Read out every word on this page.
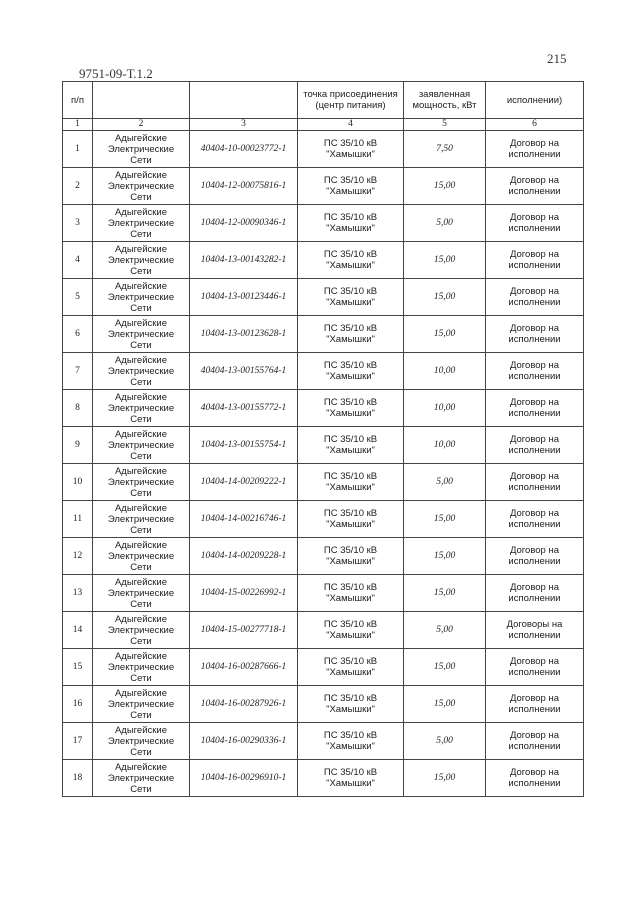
215
9751-09-Т.1.2
п/п			точка присоединения (центр питания)	заявленная мощность, кВт	исполнении)
1	2	3	4	5	6
1	Адыгейские
Электрические
Сети	40404-10-00023772-1	ПС 35/10 кВ
"Хамышки"	7,50	Договор на
исполнении

2	Адыгейские
Электрические
Сети	10404-12-00075816-1	ПС 35/10 кВ
"Хамышки"	15,00	Договор на
исполнении

3	Адыгейские
Электрические
Сети	10404-12-00090346-1	ПС 35/10 кВ
"Хамышки"	5,00	Договор на
исполнении

4	Адыгейские
Электрические
Сети	10404-13-00143282-1	ПС 35/10 кВ
"Хамышки"	15,00	Договор на
исполнении

5	Адыгейские
Электрические
Сети	10404-13-00123446-1	ПС 35/10 кВ
"Хамышки"	15,00	Договор на
исполнении

6	Адыгейские
Электрические
Сети	10404-13-00123628-1	ПС 35/10 кВ
"Хамышки"	15,00	Договор на
исполнении

7	Адыгейские
Электрические
Сети	40404-13-00155764-1	ПС 35/10 кВ
"Хамышки"	10,00	Договор на
исполнении

8	Адыгейские
Электрические
Сети	40404-13-00155772-1	ПС 35/10 кВ
"Хамышки"	10,00	Договор на
исполнении

9	Адыгейские
Электрические
Сети	10404-13-00155754-1	ПС 35/10 кВ
"Хамышки"	10,00	Договор на
исполнении

10	Адыгейские
Электрические
Сети	10404-14-00209222-1	ПС 35/10 кВ
"Хамышки"	5,00	Договор на
исполнении

11	Адыгейские
Электрические
Сети	10404-14-00216746-1	ПС 35/10 кВ
"Хамышки"	15,00	Договор на
исполнении

12	Адыгейские
Электрические
Сети	10404-14-00209228-1	ПС 35/10 кВ
"Хамышки"	15,00	Договор на
исполнении

13	Адыгейские
Электрические
Сети	10404-15-00226992-1	ПС 35/10 кВ
"Хамышки"	15,00	Договор на
исполнении

14	Адыгейские
Электрические
Сети	10404-15-00277718-1	ПС 35/10 кВ
"Хамышки"	5,00	Договоры на
исполнении

15	Адыгейские
Электрические
Сети	10404-16-00287666-1	ПС 35/10 кВ
"Хамышки"	15,00	Договор на
исполнении

16	Адыгейские
Электрические
Сети	10404-16-00287926-1	ПС 35/10 кВ
"Хамышки"	15,00	Договор на
исполнении

17	Адыгейские
Электрические
Сети	10404-16-00290336-1	ПС 35/10 кВ
"Хамышки"	5,00	Договор на
исполнении

18	Адыгейские
Электрические
Сети	10404-16-00296910-1	ПС 35/10 кВ
"Хамышки"	15,00	Договор на
исполнении
